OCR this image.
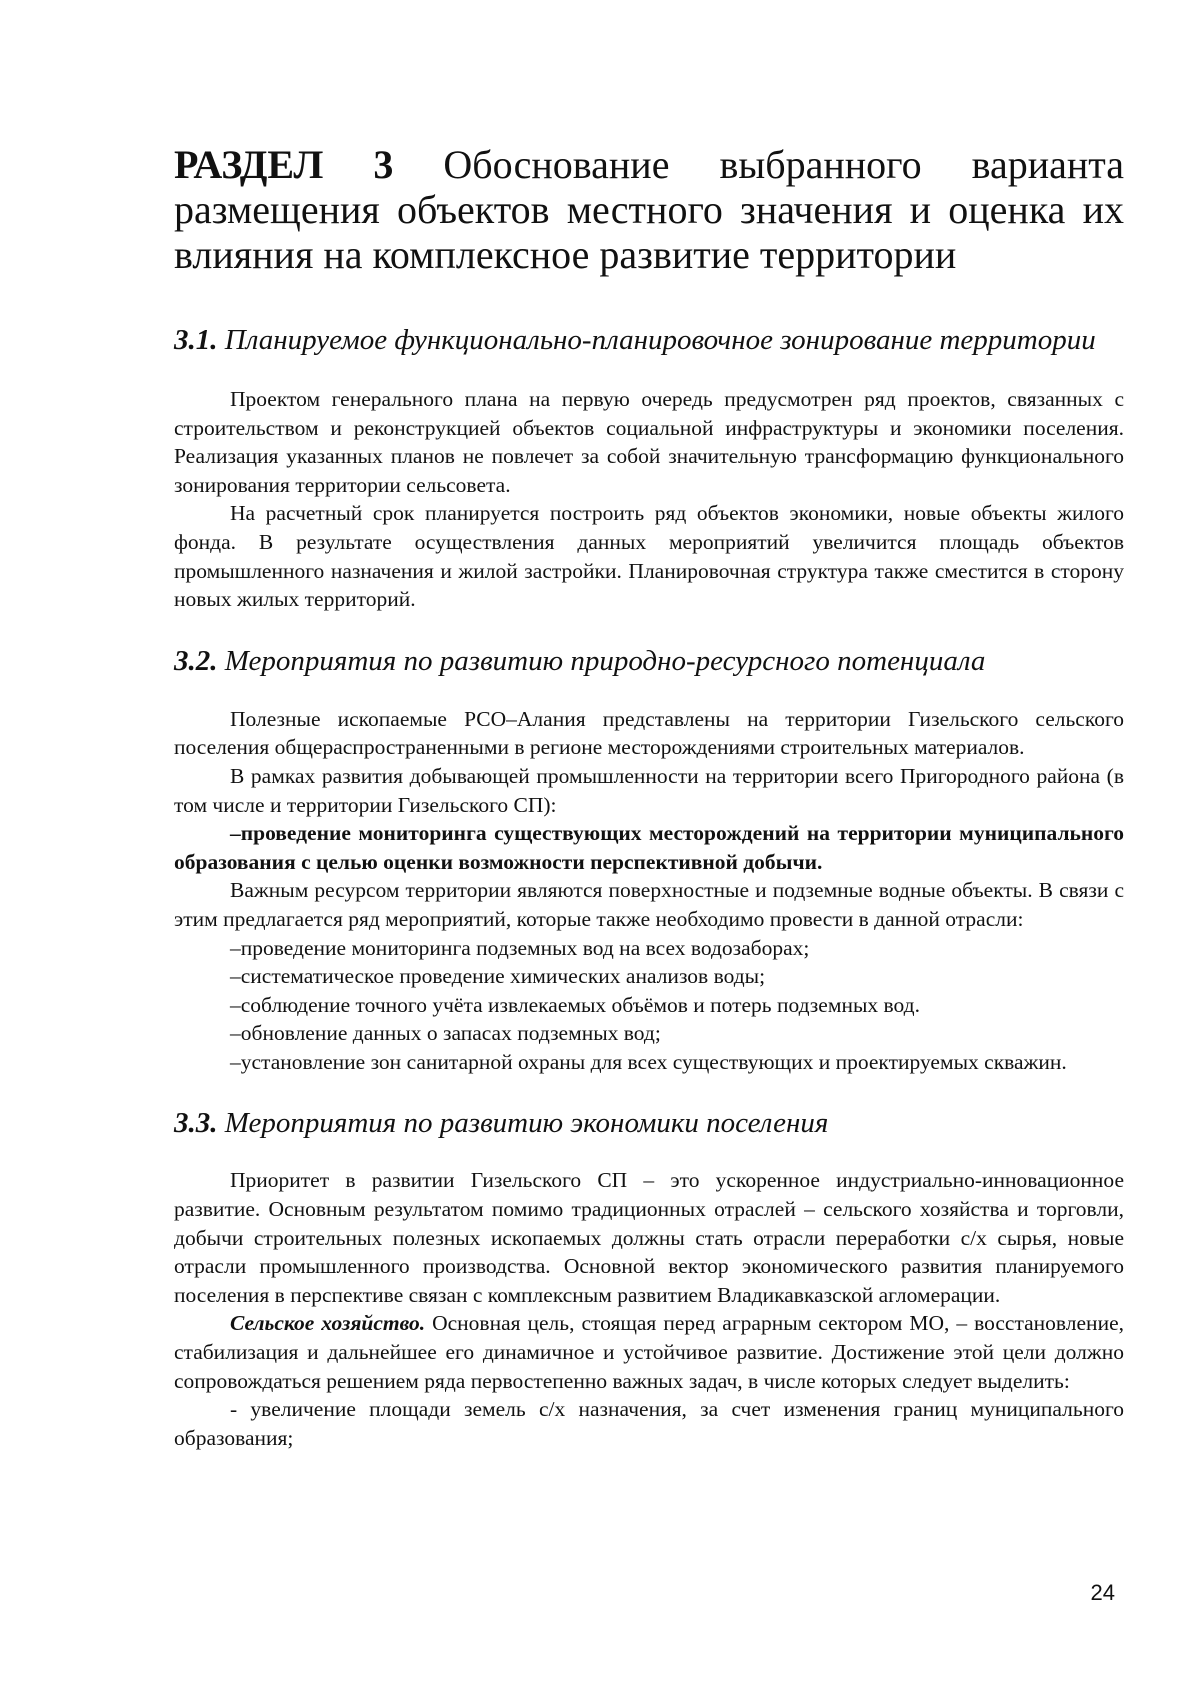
РАЗДЕЛ 3 Обоснование выбранного варианта размещения объектов местного значения и оценка их влияния на комплексное развитие территории
3.1. Планируемое функционально-планировочное зонирование территории

Проектом генерального плана на первую очередь предусмотрен ряд проектов, связанных с строительством и реконструкцией объектов социальной инфраструктуры и экономики поселения. Реализация указанных планов не повлечет за собой значительную трансформацию функционального зонирования территории сельсовета.

На расчетный срок планируется построить ряд объектов экономики, новые объекты жилого фонда. В результате осуществления данных мероприятий увеличится площадь объектов промышленного назначения и жилой застройки. Планировочная структура также сместится в сторону новых жилых территорий.

3.2. Мероприятия по развитию природно-ресурсного потенциала

Полезные ископаемые РСО–Алания представлены на территории Гизельского сельского поселения общераспространенными в регионе месторождениями строительных материалов.

В рамках развития добывающей промышленности на территории всего Пригородного района (в том числе и территории Гизельского СП):

–проведение мониторинга существующих месторождений на территории муниципального образования с целью оценки возможности перспективной добычи.

Важным ресурсом территории являются поверхностные и подземные водные объекты. В связи с этим предлагается ряд мероприятий, которые также необходимо провести в данной отрасли:

–проведение мониторинга подземных вод на всех водозаборах;

–систематическое проведение химических анализов воды;

–соблюдение точного учёта извлекаемых объёмов и потерь подземных вод.

–обновление данных о запасах подземных вод;

–установление зон санитарной охраны для всех существующих и проектируемых скважин.

3.3. Мероприятия по развитию экономики поселения

Приоритет в развитии Гизельского СП – это ускоренное индустриально-инновационное развитие. Основным результатом помимо традиционных отраслей – сельского хозяйства и торговли, добычи строительных полезных ископаемых должны стать отрасли переработки с/х сырья, новые отрасли промышленного производства. Основной вектор экономического развития планируемого поселения в перспективе связан с комплексным развитием Владикавказской агломерации.

Сельское хозяйство. Основная цель, стоящая перед аграрным сектором МО, – восстановление, стабилизация и дальнейшее его динамичное и устойчивое развитие. Достижение этой цели должно сопровождаться решением ряда первостепенно важных задач, в числе которых следует выделить:

- увеличение площади земель с/х назначения, за счет изменения границ муниципального образования;

24
